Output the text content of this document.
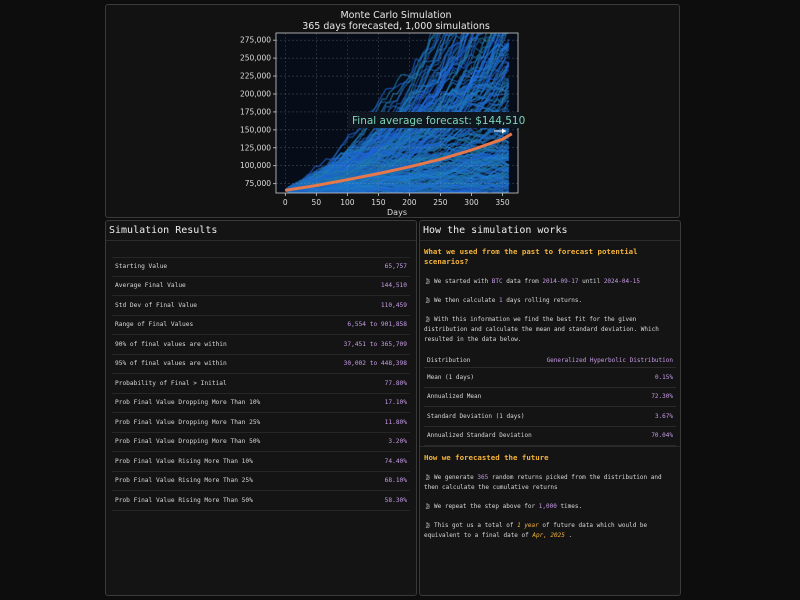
Monte Carlo Simulation
365 days forecasted, 1,000 simulations
75,000
100,000
125,000
150,000
175,000
200,000
225,000
250,000
275,000
0	50	100 150 200 250 300 350
Days
Final average forecast: $144,510
Simulation Results
Starting Value	65,757
Average Final Value	144,510
Std Dev of Final Value	110,459
Range of Final Values	6,554 to 901,858
90% of final values are within	37,451 to 365,709
95% of final values are within	30,002 to 448,398
Probability of Final > Initial	77.80%
Prob Final Value Dropping More Than 10%	17.10%
Prob Final Value Dropping More Than 25%	11.80%
Prob Final Value Dropping More Than 50%	3.20%
Prob Final Value Rising More Than 10%	74.40%
Prob Final Value Rising More Than 25%	68.10%
Prob Final Value Rising More Than 50%	58.30%
How the simulation works
What we used from the past to forecast potential scenarios?
🍃︎ We started with BTC data from 2014-09-17 until 2024-04-15
🍃︎ We then calculate 1 days rolling returns.
🍃︎ With this information we find the best fit for the given distribution and calculate the mean and standard deviation. Which resulted in the data below.
Distribution	Generalized Hyperbolic Distribution
Mean (1 days)	0.15%
Annualized Mean	72.30%
Standard Deviation (1 days)	3.67%
Annualized Standard Deviation	70.04%
How we forecasted the future
🍃︎ We generate 365 random returns picked from the distribution and then calculate the cumulative returns
🍃︎ We repeat the step above for 1,000 times.
🍃︎ This got us a total of 1 year of future data which would be equivalent to a final date of Apr, 2025 .
